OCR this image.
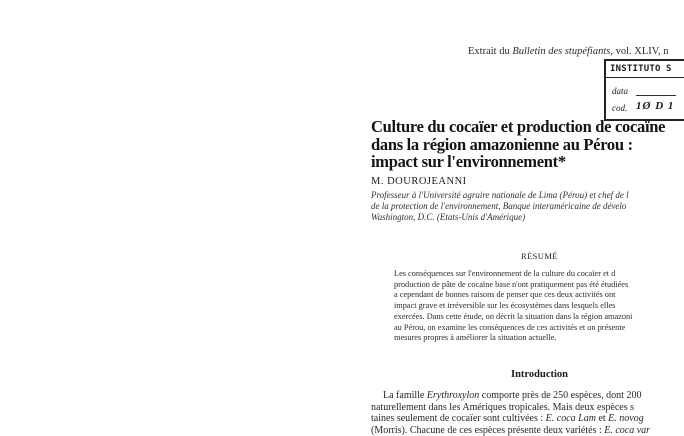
Extrait du Bulletin des stupéfiants, vol. XLIV, n
INSTITUTO S
data
cod. 1Ø D 1
Culture du cocaïer et production de cocaïne
dans la région amazonienne au Pérou :
impact sur l'environnement*
M. DOUROJEANNI
Professeur à l'Université agraire nationale de Lima (Pérou) et chef de l
de la protection de l'environnement, Banque interaméricaine de dévelo
Washington, D.C. (Etats-Unis d'Amérique)
RÉSUMÉ
Les conséquences sur l'environnement de la culture du cocaïer et d
production de pâte de cocaïne base n'ont pratiquement pas été étudiées
a cependant de bonnes raisons de penser que ces deux activités ont
impact grave et irréversible sur les écosystèmes dans lesquels elles
exercées. Dans cette étude, on décrit la situation dans la région amazoni
au Pérou, on examine les conséquences de ces activités et on présente
mesures propres à améliorer la situation actuelle.
Introduction
La famille Erythroxylon comporte près de 250 espèces, dont 200
naturellement dans les Amériques tropicales. Mais deux espèces s
taines seulement de cocaïer sont cultivées : E. coca Lam et E. novog
(Morris). Chacune de ces espèces présente deux variétés : E. coca var
